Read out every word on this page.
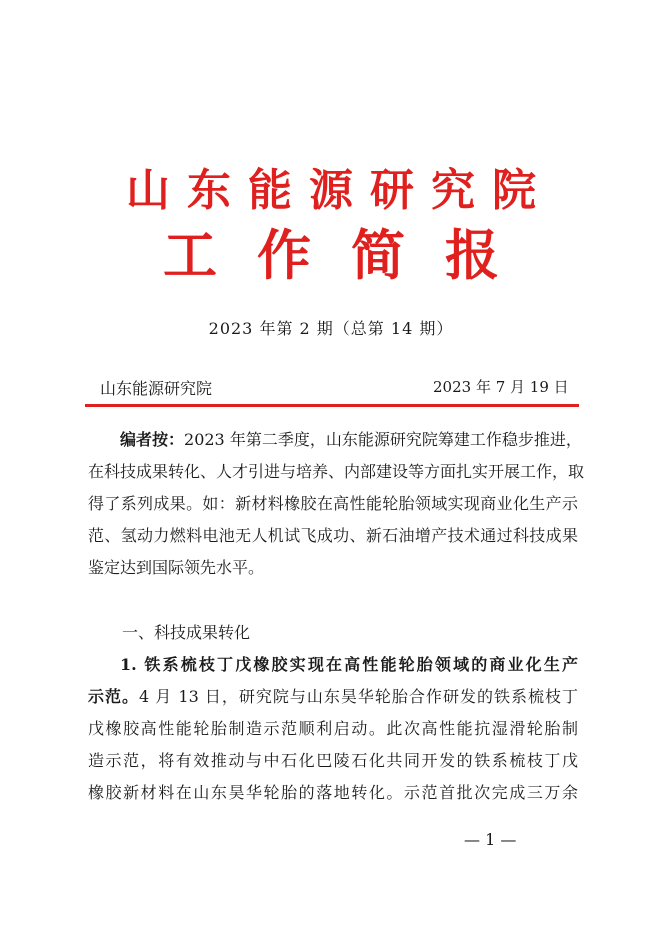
山东能源研究院
工作简报
2023 年第 2 期（总第 14 期）
山东能源研究院	2023 年 7 月 19 日
编者按：2023 年第二季度，山东能源研究院筹建工作稳步推进，
在科技成果转化、人才引进与培养、内部建设等方面扎实开展工作，取
得了系列成果。如：新材料橡胶在高性能轮胎领域实现商业化生产示
范、氢动力燃料电池无人机试飞成功、新石油增产技术通过科技成果
鉴定达到国际领先水平。
一、科技成果转化
1. 铁系梳枝丁戊橡胶实现在高性能轮胎领域的商业化生产
示范。4 月 13 日，研究院与山东昊华轮胎合作研发的铁系梳枝丁
戊橡胶高性能轮胎制造示范顺利启动。此次高性能抗湿滑轮胎制
造示范，将有效推动与中石化巴陵石化共同开发的铁系梳枝丁戊
橡胶新材料在山东昊华轮胎的落地转化。示范首批次完成三万余
— 1 —
